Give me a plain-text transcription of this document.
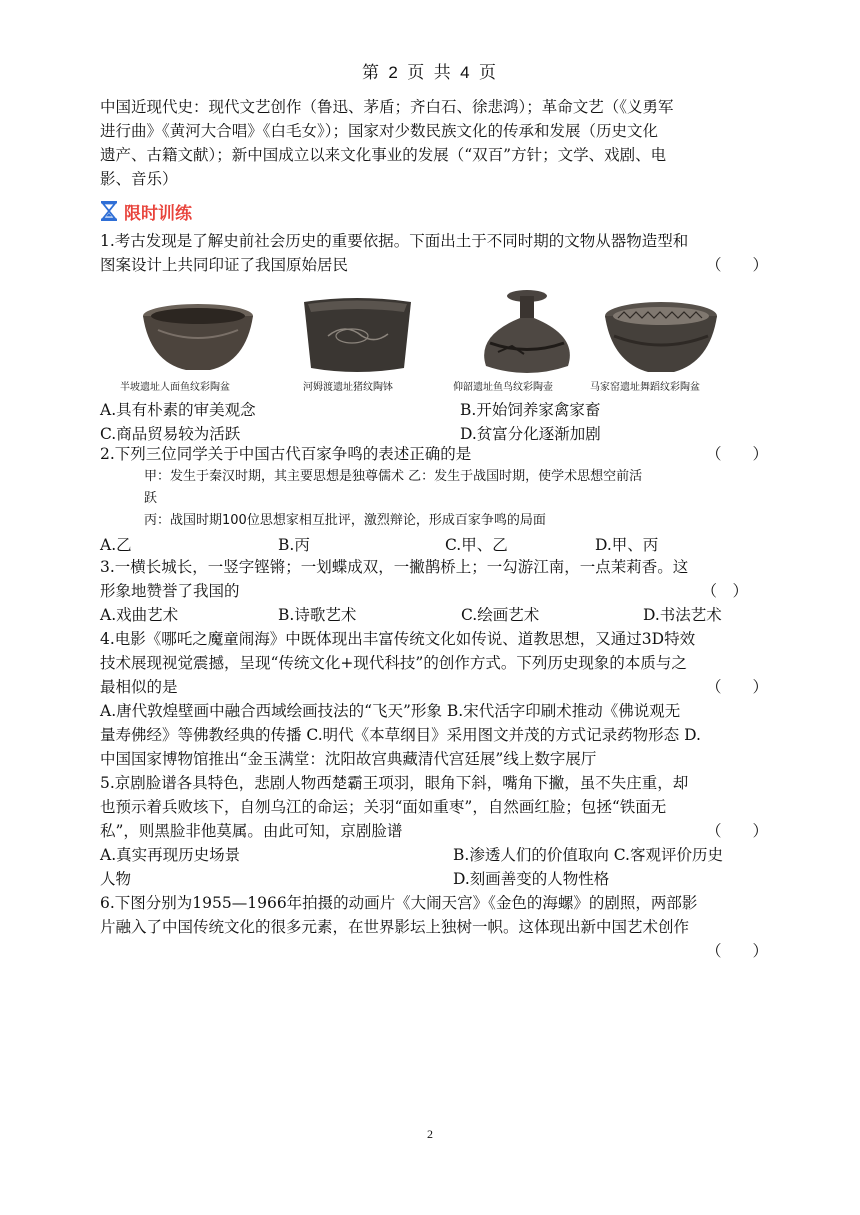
第 2 页 共 4 页
中国近现代史：现代文艺创作（鲁迅、茅盾；齐白石、徐悲鸿）；革命文艺（《义勇军
进行曲》《黄河大合唱》《白毛女》）；国家对少数民族文化的传承和发展（历史文化
遗产、古籍文献）；新中国成立以来文化事业的发展（“双百”方针；文学、戏剧、电
影、音乐）
限时训练
1.考古发现是了解史前社会历史的重要依据。下面出土于不同时期的文物从器物造型和
图案设计上共同印证了我国原始居民	（　　）
半坡遗址人面鱼纹彩陶盆	河姆渡遗址猪纹陶钵	仰韶遗址鱼鸟纹彩陶壶	马家窑遗址舞蹈纹彩陶盆
A.具有朴素的审美观念	B.开始饲养家禽家畜
C.商品贸易较为活跃	D.贫富分化逐渐加剧
2.下列三位同学关于中国古代百家争鸣的表述正确的是	（　　）
甲：发生于秦汉时期，其主要思想是独尊儒术 乙：发生于战国时期，使学术思想空前活
跃
丙：战国时期100位思想家相互批评，激烈辩论，形成百家争鸣的局面
A.乙	B.丙	C.甲、乙	D.甲、丙
3.一横长城长，一竖字铿锵；一划蝶成双，一撇鹊桥上；一勾游江南，一点茉莉香。这
形象地赞誉了我国的	（　）
A.戏曲艺术	B.诗歌艺术	C.绘画艺术	D.书法艺术
4.电影《哪吒之魔童闹海》中既体现出丰富传统文化如传说、道教思想，又通过3D特效
技术展现视觉震撼，呈现“传统文化+现代科技”的创作方式。下列历史现象的本质与之
最相似的是	（　　）
A.唐代敦煌壁画中融合西域绘画技法的“飞天”形象 B.宋代活字印刷术推动《佛说观无
量寿佛经》等佛教经典的传播 C.明代《本草纲目》采用图文并茂的方式记录药物形态 D.
中国国家博物馆推出“金玉满堂：沈阳故宫典藏清代宫廷展”线上数字展厅
5.京剧脸谱各具特色，悲剧人物西楚霸王项羽，眼角下斜，嘴角下撇，虽不失庄重，却
也预示着兵败垓下，自刎乌江的命运；关羽“面如重枣”，自然画红脸；包拯“铁面无
私”，则黑脸非他莫属。由此可知，京剧脸谱	（　　）
A.真实再现历史场景	B.渗透人们的价值取向 C.客观评价历史
人物	D.刻画善变的人物性格
6.下图分别为1955—1966年拍摄的动画片《大闹天宫》《金色的海螺》的剧照，两部影
片融入了中国传统文化的很多元素，在世界影坛上独树一帜。这体现出新中国艺术创作
（　　）
2
